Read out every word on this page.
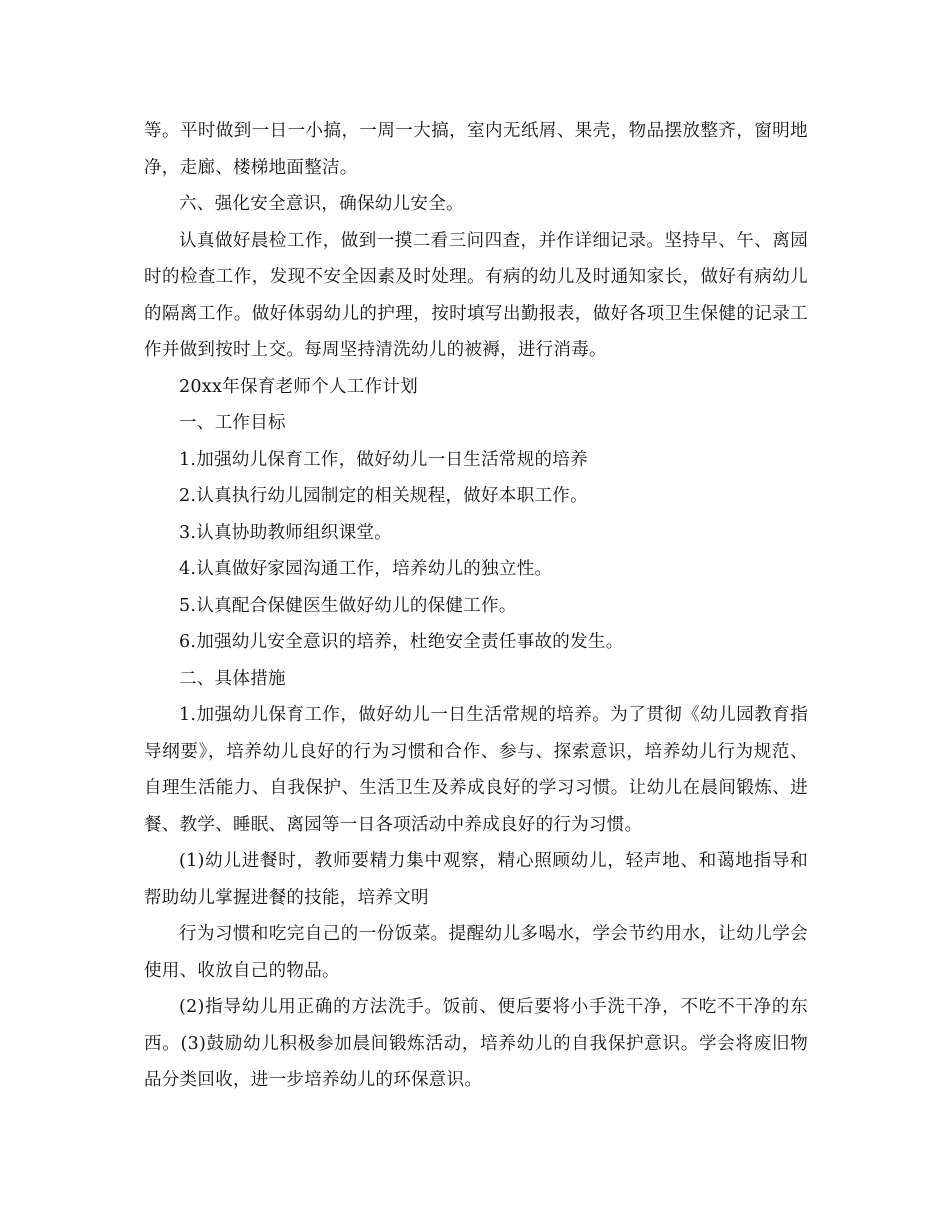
等。平时做到一日一小搞，一周一大搞，室内无纸屑、果壳，物品摆放整齐，窗明地净，走廊、楼梯地面整洁。

六、强化安全意识，确保幼儿安全。

认真做好晨检工作，做到一摸二看三问四查，并作详细记录。坚持早、午、离园时的检查工作，发现不安全因素及时处理。有病的幼儿及时通知家长，做好有病幼儿的隔离工作。做好体弱幼儿的护理，按时填写出勤报表，做好各项卫生保健的记录工作并做到按时上交。每周坚持清洗幼儿的被褥，进行消毒。

20xx年保育老师个人工作计划

一、工作目标

1.加强幼儿保育工作，做好幼儿一日生活常规的培养

2.认真执行幼儿园制定的相关规程，做好本职工作。

3.认真协助教师组织课堂。

4.认真做好家园沟通工作，培养幼儿的独立性。

5.认真配合保健医生做好幼儿的保健工作。

6.加强幼儿安全意识的培养，杜绝安全责任事故的发生。

二、具体措施

1.加强幼儿保育工作，做好幼儿一日生活常规的培养。为了贯彻《幼儿园教育指导纲要》，培养幼儿良好的行为习惯和合作、参与、探索意识，培养幼儿行为规范、自理生活能力、自我保护、生活卫生及养成良好的学习习惯。让幼儿在晨间锻炼、进餐、教学、睡眠、离园等一日各项活动中养成良好的行为习惯。

(1)幼儿进餐时，教师要精力集中观察，精心照顾幼儿，轻声地、和蔼地指导和帮助幼儿掌握进餐的技能，培养文明

行为习惯和吃完自己的一份饭菜。提醒幼儿多喝水，学会节约用水，让幼儿学会使用、收放自己的物品。

(2)指导幼儿用正确的方法洗手。饭前、便后要将小手洗干净，不吃不干净的东西。(3)鼓励幼儿积极参加晨间锻炼活动，培养幼儿的自我保护意识。学会将废旧物品分类回收，进一步培养幼儿的环保意识。
